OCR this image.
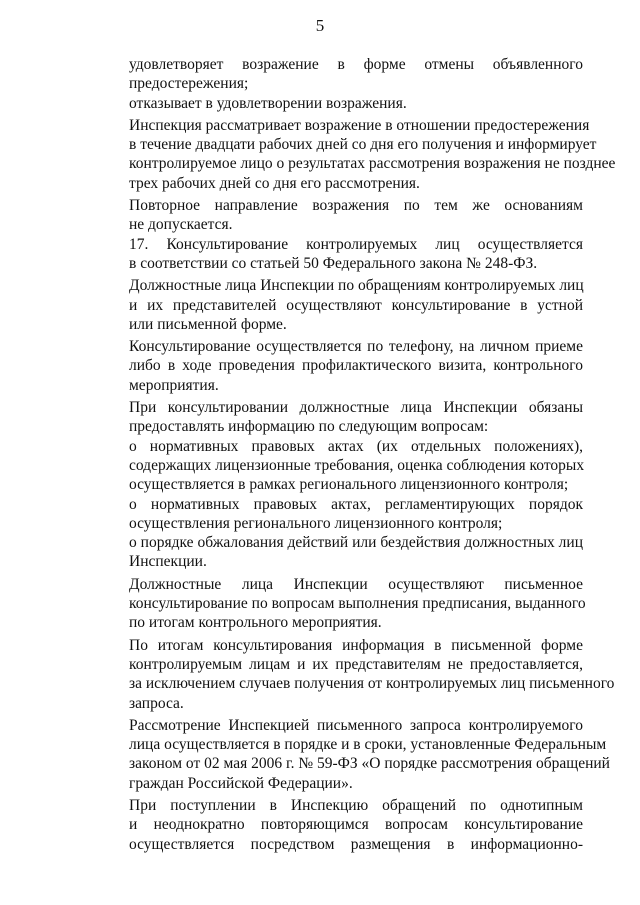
5

удовлетворяет возражение в форме отмены объявленного
предостережения;

отказывает в удовлетворении возражения.

Инспекция рассматривает возражение в отношении предостережения
в течение двадцати рабочих дней со дня его получения и информирует
контролируемое лицо о результатах рассмотрения возражения не позднее
трех рабочих дней со дня его рассмотрения.

Повторное направление возражения по тем же основаниям
не допускается.

17. Консультирование контролируемых лиц осуществляется
в соответствии со статьей 50 Федерального закона № 248-ФЗ.

Должностные лица Инспекции по обращениям контролируемых лиц
и их представителей осуществляют консультирование в устной
или письменной форме.

Консультирование осуществляется по телефону, на личном приеме
либо в ходе проведения профилактического визита, контрольного
мероприятия.

При консультировании должностные лица Инспекции обязаны
предоставлять информацию по следующим вопросам:

о нормативных правовых актах (их отдельных положениях),
содержащих лицензионные требования, оценка соблюдения которых
осуществляется в рамках регионального лицензионного контроля;

о нормативных правовых актах, регламентирующих порядок
осуществления регионального лицензионного контроля;

о порядке обжалования действий или бездействия должностных лиц
Инспекции.

Должностные лица Инспекции осуществляют письменное
консультирование по вопросам выполнения предписания, выданного
по итогам контрольного мероприятия.

По итогам консультирования информация в письменной форме
контролируемым лицам и их представителям не предоставляется,
за исключением случаев получения от контролируемых лиц письменного
запроса.

Рассмотрение Инспекцией письменного запроса контролируемого
лица осуществляется в порядке и в сроки, установленные Федеральным
законом от 02 мая 2006 г. № 59-ФЗ «О порядке рассмотрения обращений
граждан Российской Федерации».

При поступлении в Инспекцию обращений по однотипным
и неоднократно повторяющимся вопросам консультирование
осуществляется посредством размещения в информационно-
